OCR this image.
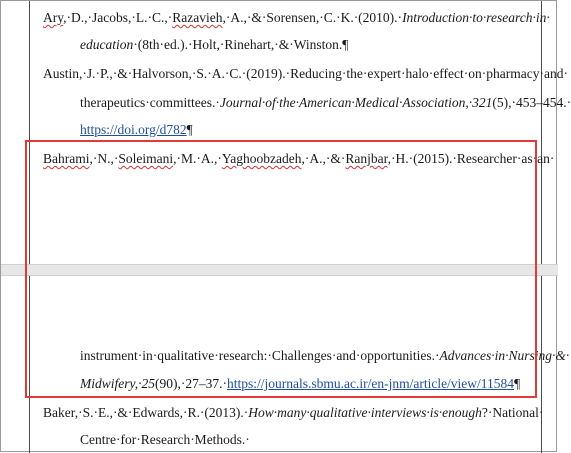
Ary,·D.,·Jacobs,·L.·C.,·Razavieh,·A.,·&·Sorensen,·C.·K.·(2010).·Introduction·to·research·in·
education·(8th·ed.).·Holt,·Rinehart,·&·Winston.¶
Austin,·J.·P.,·&·Halvorson,·S.·A.·C.·(2019).·Reducing·the·expert·halo·effect·on·pharmacy·and·
therapeutics·committees.·Journal·of·the·American·Medical·Association,·321(5),·453–454.·
https://doi.org/d782¶
Bahrami,·N.,·Soleimani,·M.·A.,·Yaghoobzadeh,·A.,·&·Ranjbar,·H.·(2015).·Researcher·as·an·
instrument·in·qualitative·research:·Challenges·and·opportunities.·Advances·in·Nursing·&·
Midwifery,·25(90),·27–37.·https://journals.sbmu.ac.ir/en-jnm/article/view/11584¶
Baker,·S.·E.,·&·Edwards,·R.·(2013).·How·many·qualitative·interviews·is·enough?·National·
Centre·for·Research·Methods.·
